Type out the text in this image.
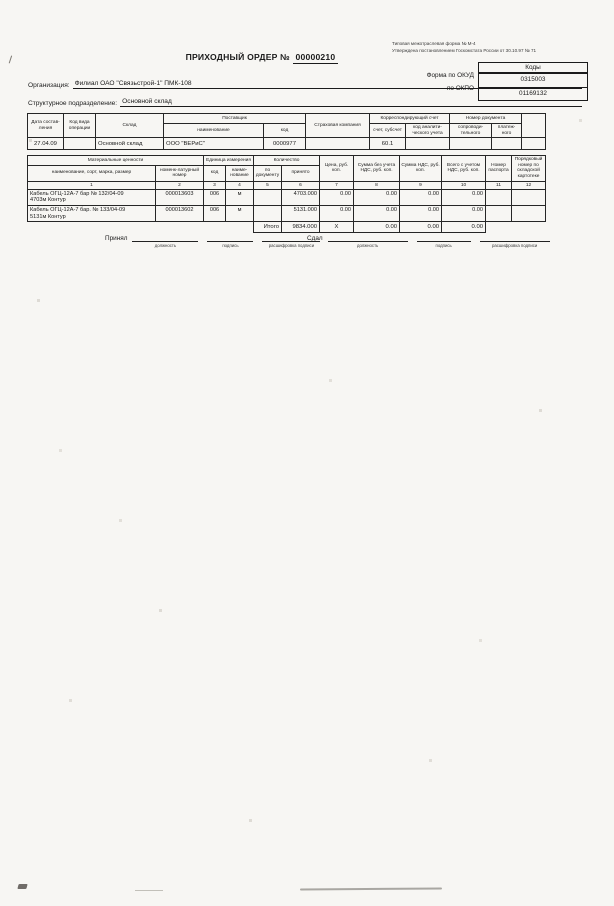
Типовая межотраслевая форма № М-4
Утверждена постановлением Госкомстата России от 30.10.97 № 71
ПРИХОДНЫЙ ОРДЕР № 00000210
Форма по ОКУД
по ОКПО
Коды
0315003
01169132
Организация: Филиал ОАО "Связьстрой-1" ПМК-108
Структурное подразделение: Основной склад
Дата состав-ления	Код вида операции	Склад	Поставщик		Страховая компания	Корреспондирующий счет		Номер документа		
			наименование	код		счет, субсчет	код аналити-ческого учета	сопроводи-тельного	платеж-ного	
27.04.09		Основной склад	ООО "ВЕРиС"	0000977		60.1				
Материальные ценности		Единица измерения		Количество		Цена, руб. коп.	Сумма без учета НДС, руб. коп.	Сумма НДС, руб. коп.	Всего с учетом НДС, руб. коп.	Номер паспорта	Порядковый номер по складской картотеке
наименование, сорт, марка, размер	номенк-латурный номер	код	наиме-нование	по документу	принято						
1	2	3	4	5	6	7	8	9	10	11	12

Кабель ОГЦ-12А-7 бар № 132/04-09
4703м Контур	000013603	006	м		4703.000	0.00	0.00	0.00	0.00		

Кабель ОГЦ-12А-7 бар. № 133/04-09
5131м Контур	000013602	006	м		5131.000	0.00	0.00	0.00	0.00		
				Итого	9834.000	X	0.00	0.00	0.00		
Принял
должность	подпись	расшифровка подписи
Сдал
должность	подпись	расшифровка подписи
